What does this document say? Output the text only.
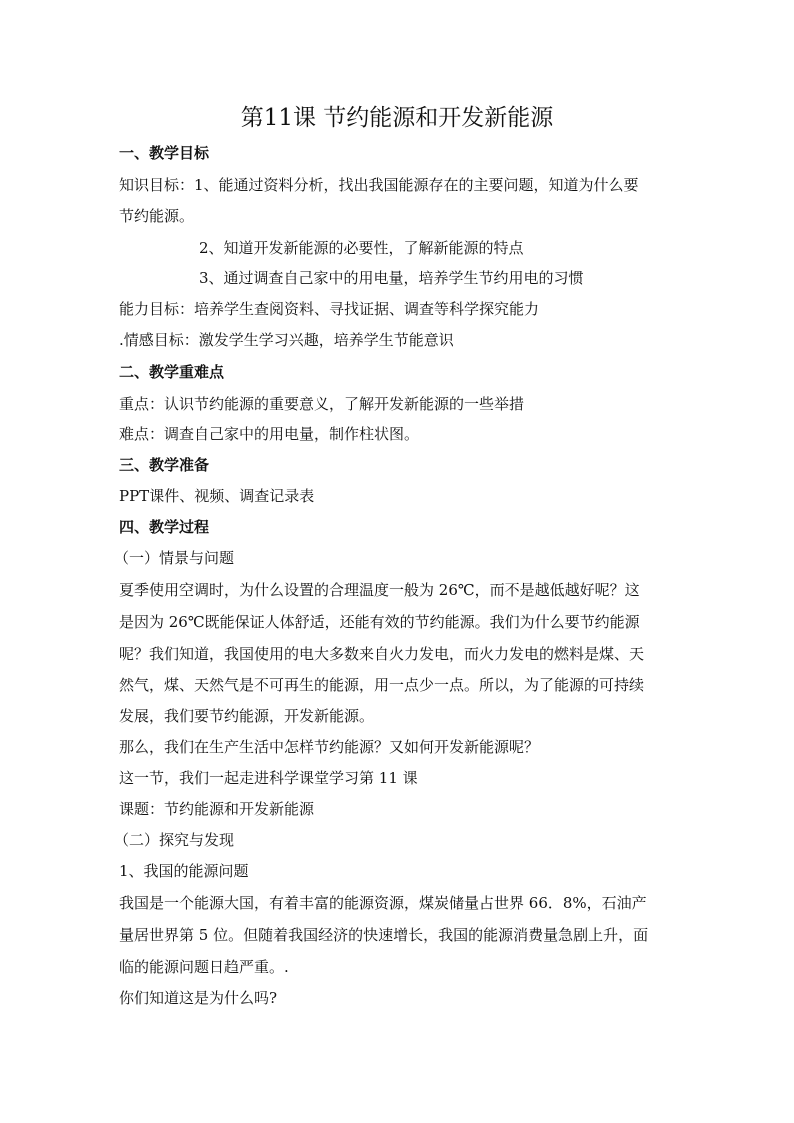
第11课 节约能源和开发新能源
一、教学目标
知识目标：1、能通过资料分析，找出我国能源存在的主要问题，知道为什么要
节约能源。
2、知道开发新能源的必要性，了解新能源的特点
3、通过调查自己家中的用电量，培养学生节约用电的习惯
能力目标：培养学生查阅资料、寻找证据、调查等科学探究能力
.情感目标：激发学生学习兴趣，培养学生节能意识
二、教学重难点
重点：认识节约能源的重要意义，了解开发新能源的一些举措
难点：调查自己家中的用电量，制作柱状图。
三、教学准备
PPT课件、视频、调查记录表
四、教学过程
（一）情景与问题
夏季使用空调时，为什么设置的合理温度一般为 26℃，而不是越低越好呢？这
是因为 26℃既能保证人体舒适，还能有效的节约能源。我们为什么要节约能源
呢？我们知道，我国使用的电大多数来自火力发电，而火力发电的燃料是煤、天
然气，煤、天然气是不可再生的能源，用一点少一点。所以，为了能源的可持续
发展，我们要节约能源，开发新能源。
那么，我们在生产生活中怎样节约能源？又如何开发新能源呢？
这一节，我们一起走进科学课堂学习第 11 课
课题：节约能源和开发新能源
（二）探究与发现
1、我国的能源问题
我国是一个能源大国，有着丰富的能源资源，煤炭储量占世界 66．8%，石油产
量居世界第 5 位。但随着我国经济的快速增长，我国的能源消费量急剧上升，面
临的能源问题日趋严重。.
你们知道这是为什么吗?
